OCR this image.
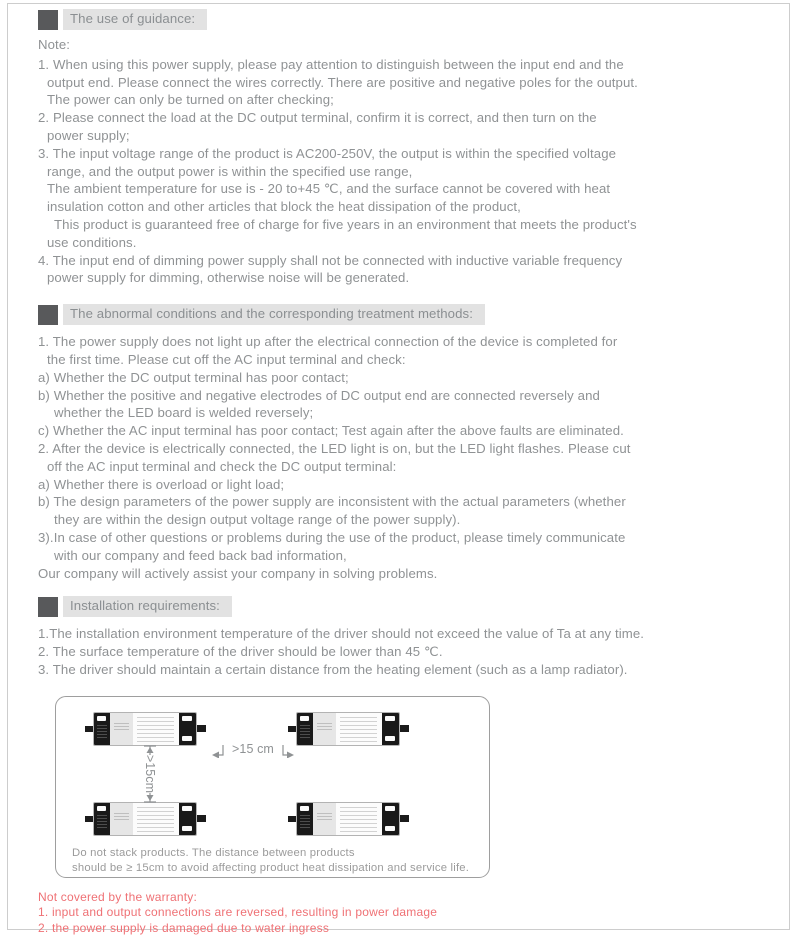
The use of guidance:
Note:
1. When using this power supply, please pay attention to distinguish between the input end and the
output end. Please connect the wires correctly. There are positive and negative poles for the output.
The power can only be turned on after checking;
2. Please connect the load at the DC output terminal, confirm it is correct, and then turn on the
power supply;
3. The input voltage range of the product is AC200-250V, the output is within the specified voltage
range, and the output power is within the specified use range,
The ambient temperature for use is - 20 to+45 ℃, and the surface cannot be covered with heat
insulation cotton and other articles that block the heat dissipation of the product,
This product is guaranteed free of charge for five years in an environment that meets the product's
use conditions.
4. The input end of dimming power supply shall not be connected with inductive variable frequency
power supply for dimming, otherwise noise will be generated.
The abnormal conditions and the corresponding treatment methods:
1. The power supply does not light up after the electrical connection of the device is completed for
the first time. Please cut off the AC input terminal and check:
a) Whether the DC output terminal has poor contact;
b) Whether the positive and negative electrodes of DC output end are connected reversely and
whether the LED board is welded reversely;
c) Whether the AC input terminal has poor contact; Test again after the above faults are eliminated.
2. After the device is electrically connected, the LED light is on, but the LED light flashes. Please cut
off the AC input terminal and check the DC output terminal:
a) Whether there is overload or light load;
b) The design parameters of the power supply are inconsistent with the actual parameters (whether
they are within the design output voltage range of the power supply).
3).In case of other questions or problems during the use of the product, please timely communicate
with our company and feed back bad information,
Our company will actively assist your company in solving problems.
Installation requirements:
1.The installation environment temperature of the driver should not exceed the value of Ta at any time.
2. The surface temperature of the driver should be lower than 45 ℃.
3. The driver should maintain a certain distance from the heating element (such as a lamp radiator).
>15 cm
>15cm
Do not stack products. The distance between products
should be ≥ 15cm to avoid affecting product heat dissipation and service life.
Not covered by the warranty:
1. input and output connections are reversed, resulting in power damage
2. the power supply is damaged due to water ingress
